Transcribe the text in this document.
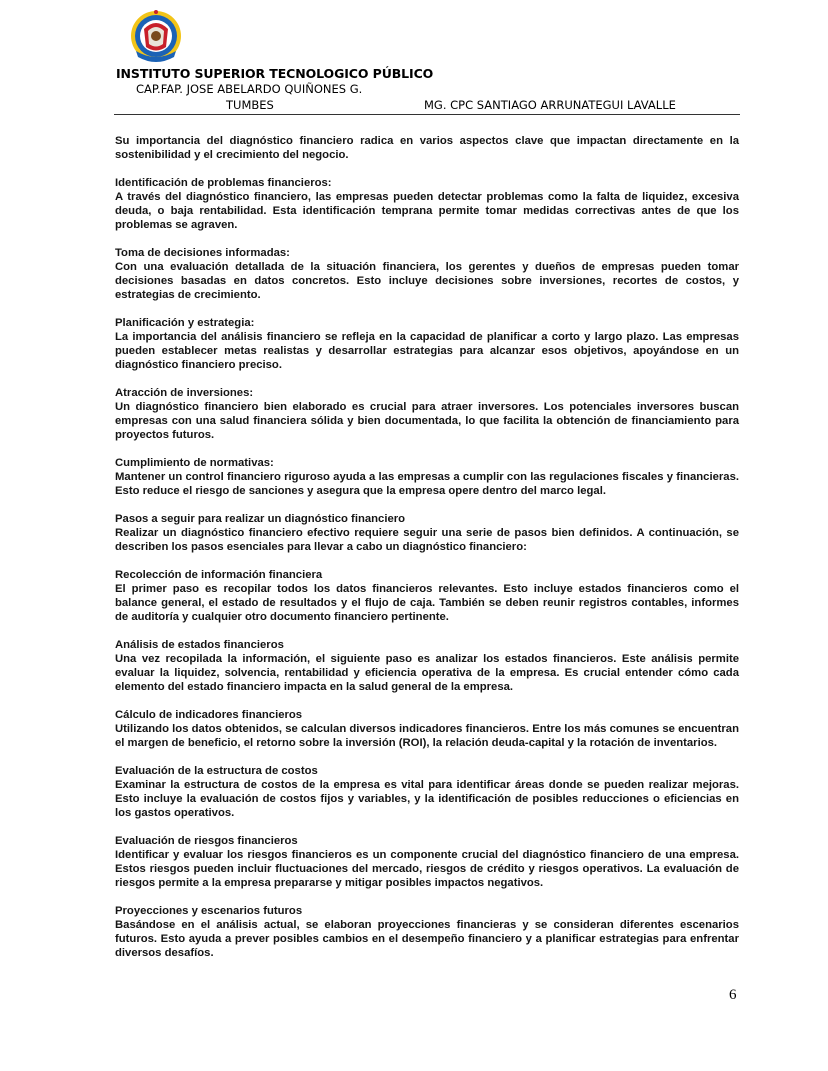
INSTITUTO SUPERIOR TECNOLOGICO PÚBLICO
CAP.FAP. JOSE ABELARDO QUIÑONES G.
TUMBES	MG. CPC SANTIAGO ARRUNATEGUI LAVALLE

Su importancia del diagnóstico financiero radica en varios aspectos clave que impactan directamente en la sostenibilidad y el crecimiento del negocio.

Identificación de problemas financieros:
A través del diagnóstico financiero, las empresas pueden detectar problemas como la falta de liquidez, excesiva deuda, o baja rentabilidad. Esta identificación temprana permite tomar medidas correctivas antes de que los problemas se agraven.
Toma de decisiones informadas:
Con una evaluación detallada de la situación financiera, los gerentes y dueños de empresas pueden tomar decisiones basadas en datos concretos. Esto incluye decisiones sobre inversiones, recortes de costos, y estrategias de crecimiento.
Planificación y estrategia:
La importancia del análisis financiero se refleja en la capacidad de planificar a corto y largo plazo. Las empresas pueden establecer metas realistas y desarrollar estrategias para alcanzar esos objetivos, apoyándose en un diagnóstico financiero preciso.
Atracción de inversiones:
Un diagnóstico financiero bien elaborado es crucial para atraer inversores. Los potenciales inversores buscan empresas con una salud financiera sólida y bien documentada, lo que facilita la obtención de financiamiento para proyectos futuros.
Cumplimiento de normativas:
Mantener un control financiero riguroso ayuda a las empresas a cumplir con las regulaciones fiscales y financieras. Esto reduce el riesgo de sanciones y asegura que la empresa opere dentro del marco legal.
Pasos a seguir para realizar un diagnóstico financiero
Realizar un diagnóstico financiero efectivo requiere seguir una serie de pasos bien definidos. A continuación, se describen los pasos esenciales para llevar a cabo un diagnóstico financiero:
Recolección de información financiera
El primer paso es recopilar todos los datos financieros relevantes. Esto incluye estados financieros como el balance general, el estado de resultados y el flujo de caja. También se deben reunir registros contables, informes de auditoría y cualquier otro documento financiero pertinente.
Análisis de estados financieros
Una vez recopilada la información, el siguiente paso es analizar los estados financieros. Este análisis permite evaluar la liquidez, solvencia, rentabilidad y eficiencia operativa de la empresa. Es crucial entender cómo cada elemento del estado financiero impacta en la salud general de la empresa.
Cálculo de indicadores financieros
Utilizando los datos obtenidos, se calculan diversos indicadores financieros. Entre los más comunes se encuentran el margen de beneficio, el retorno sobre la inversión (ROI), la relación deuda-capital y la rotación de inventarios.
Evaluación de la estructura de costos
Examinar la estructura de costos de la empresa es vital para identificar áreas donde se pueden realizar mejoras. Esto incluye la evaluación de costos fijos y variables, y la identificación de posibles reducciones o eficiencias en los gastos operativos.
Evaluación de riesgos financieros
Identificar y evaluar los riesgos financieros es un componente crucial del diagnóstico financiero de una empresa. Estos riesgos pueden incluir fluctuaciones del mercado, riesgos de crédito y riesgos operativos. La evaluación de riesgos permite a la empresa prepararse y mitigar posibles impactos negativos.
Proyecciones y escenarios futuros
Basándose en el análisis actual, se elaboran proyecciones financieras y se consideran diferentes escenarios futuros. Esto ayuda a prever posibles cambios en el desempeño financiero y a planificar estrategias para enfrentar diversos desafíos.
6
